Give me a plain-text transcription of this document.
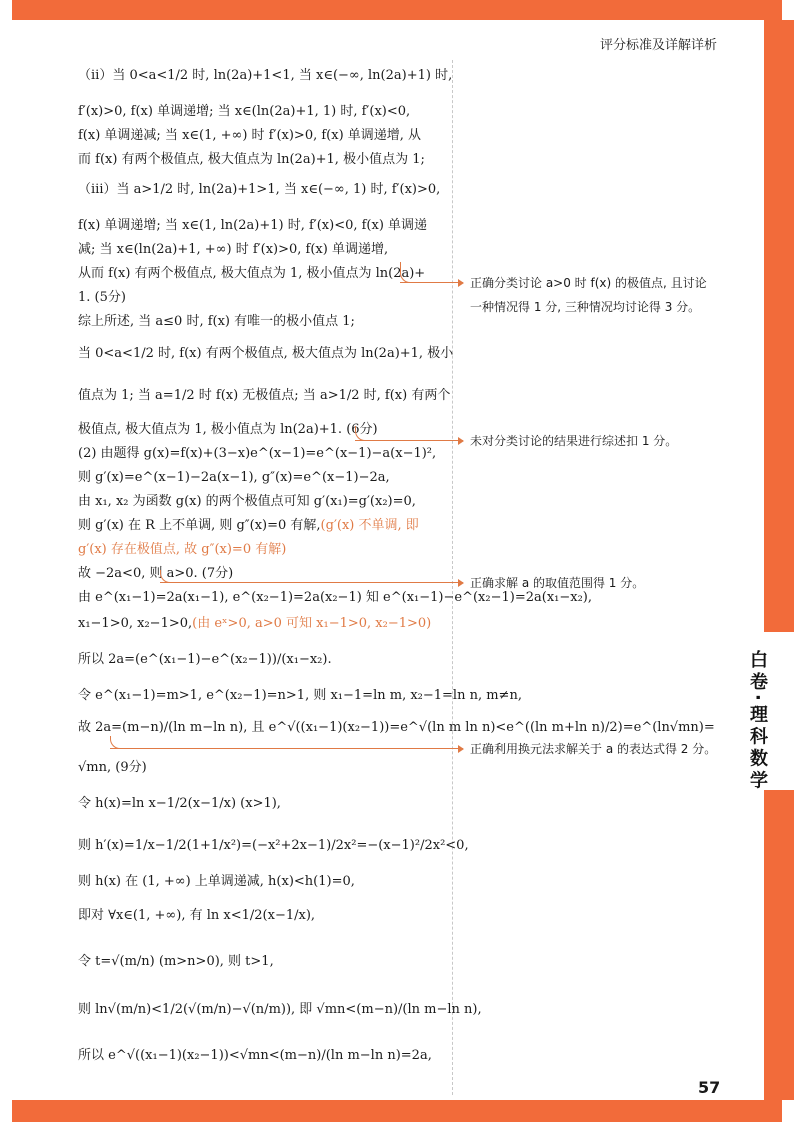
评分标准及详解详析
白卷·理科数学
57
（ⅱ）当 0<a<1/2 时, ln(2a)+1<1, 当 x∈(−∞, ln(2a)+1) 时,
f′(x)>0, f(x) 单调递增; 当 x∈(ln(2a)+1, 1) 时, f′(x)<0,
f(x) 单调递减; 当 x∈(1, +∞) 时 f′(x)>0, f(x) 单调递增, 从
而 f(x) 有两个极值点, 极大值点为 ln(2a)+1, 极小值点为 1;
（ⅲ）当 a>1/2 时, ln(2a)+1>1, 当 x∈(−∞, 1) 时, f′(x)>0,
f(x) 单调递增; 当 x∈(1, ln(2a)+1) 时, f′(x)<0, f(x) 单调递
减; 当 x∈(ln(2a)+1, +∞) 时 f′(x)>0, f(x) 单调递增,
从而 f(x) 有两个极值点, 极大值点为 1, 极小值点为 ln(2a)+
1. (5分)
综上所述, 当 a≤0 时, f(x) 有唯一的极小值点 1;
当 0<a<1/2 时, f(x) 有两个极值点, 极大值点为 ln(2a)+1, 极小
值点为 1; 当 a=1/2 时 f(x) 无极值点; 当 a>1/2 时, f(x) 有两个
极值点, 极大值点为 1, 极小值点为 ln(2a)+1. (6分)
(2) 由题得 g(x)=f(x)+(3−x)e^(x−1)=e^(x−1)−a(x−1)²,
则 g′(x)=e^(x−1)−2a(x−1), g″(x)=e^(x−1)−2a,
由 x₁, x₂ 为函数 g(x) 的两个极值点可知 g′(x₁)=g′(x₂)=0,
则 g′(x) 在 R 上不单调, 则 g″(x)=0 有解,(g′(x) 不单调, 即
g′(x) 存在极值点, 故 g″(x)=0 有解)
故 −2a<0, 则 a>0. (7分)
由 e^(x₁−1)=2a(x₁−1), e^(x₂−1)=2a(x₂−1) 知 e^(x₁−1)−e^(x₂−1)=2a(x₁−x₂),
x₁−1>0, x₂−1>0,(由 eˣ>0, a>0 可知 x₁−1>0, x₂−1>0)
所以 2a=(e^(x₁−1)−e^(x₂−1))/(x₁−x₂).
令 e^(x₁−1)=m>1, e^(x₂−1)=n>1, 则 x₁−1=ln m, x₂−1=ln n, m≠n,
故 2a=(m−n)/(ln m−ln n), 且 e^√((x₁−1)(x₂−1))=e^√(ln m ln n)<e^((ln m+ln n)/2)=e^(ln√mn)=
√mn, (9分)
令 h(x)=ln x−1/2(x−1/x) (x>1),
则 h′(x)=1/x−1/2(1+1/x²)=(−x²+2x−1)/2x²=−(x−1)²/2x²<0,
则 h(x) 在 (1, +∞) 上单调递减, h(x)<h(1)=0,
即对 ∀x∈(1, +∞), 有 ln x<1/2(x−1/x),
令 t=√(m/n) (m>n>0), 则 t>1,
则 ln√(m/n)<1/2(√(m/n)−√(n/m)), 即 √mn<(m−n)/(ln m−ln n),
所以 e^√((x₁−1)(x₂−1))<√mn<(m−n)/(ln m−ln n)=2a,
正确分类讨论 a>0 时 f(x) 的极值点, 且讨论
一种情况得 1 分, 三种情况均讨论得 3 分。
未对分类讨论的结果进行综述扣 1 分。
正确求解 a 的取值范围得 1 分。
正确利用换元法求解关于 a 的表达式得 2 分。
